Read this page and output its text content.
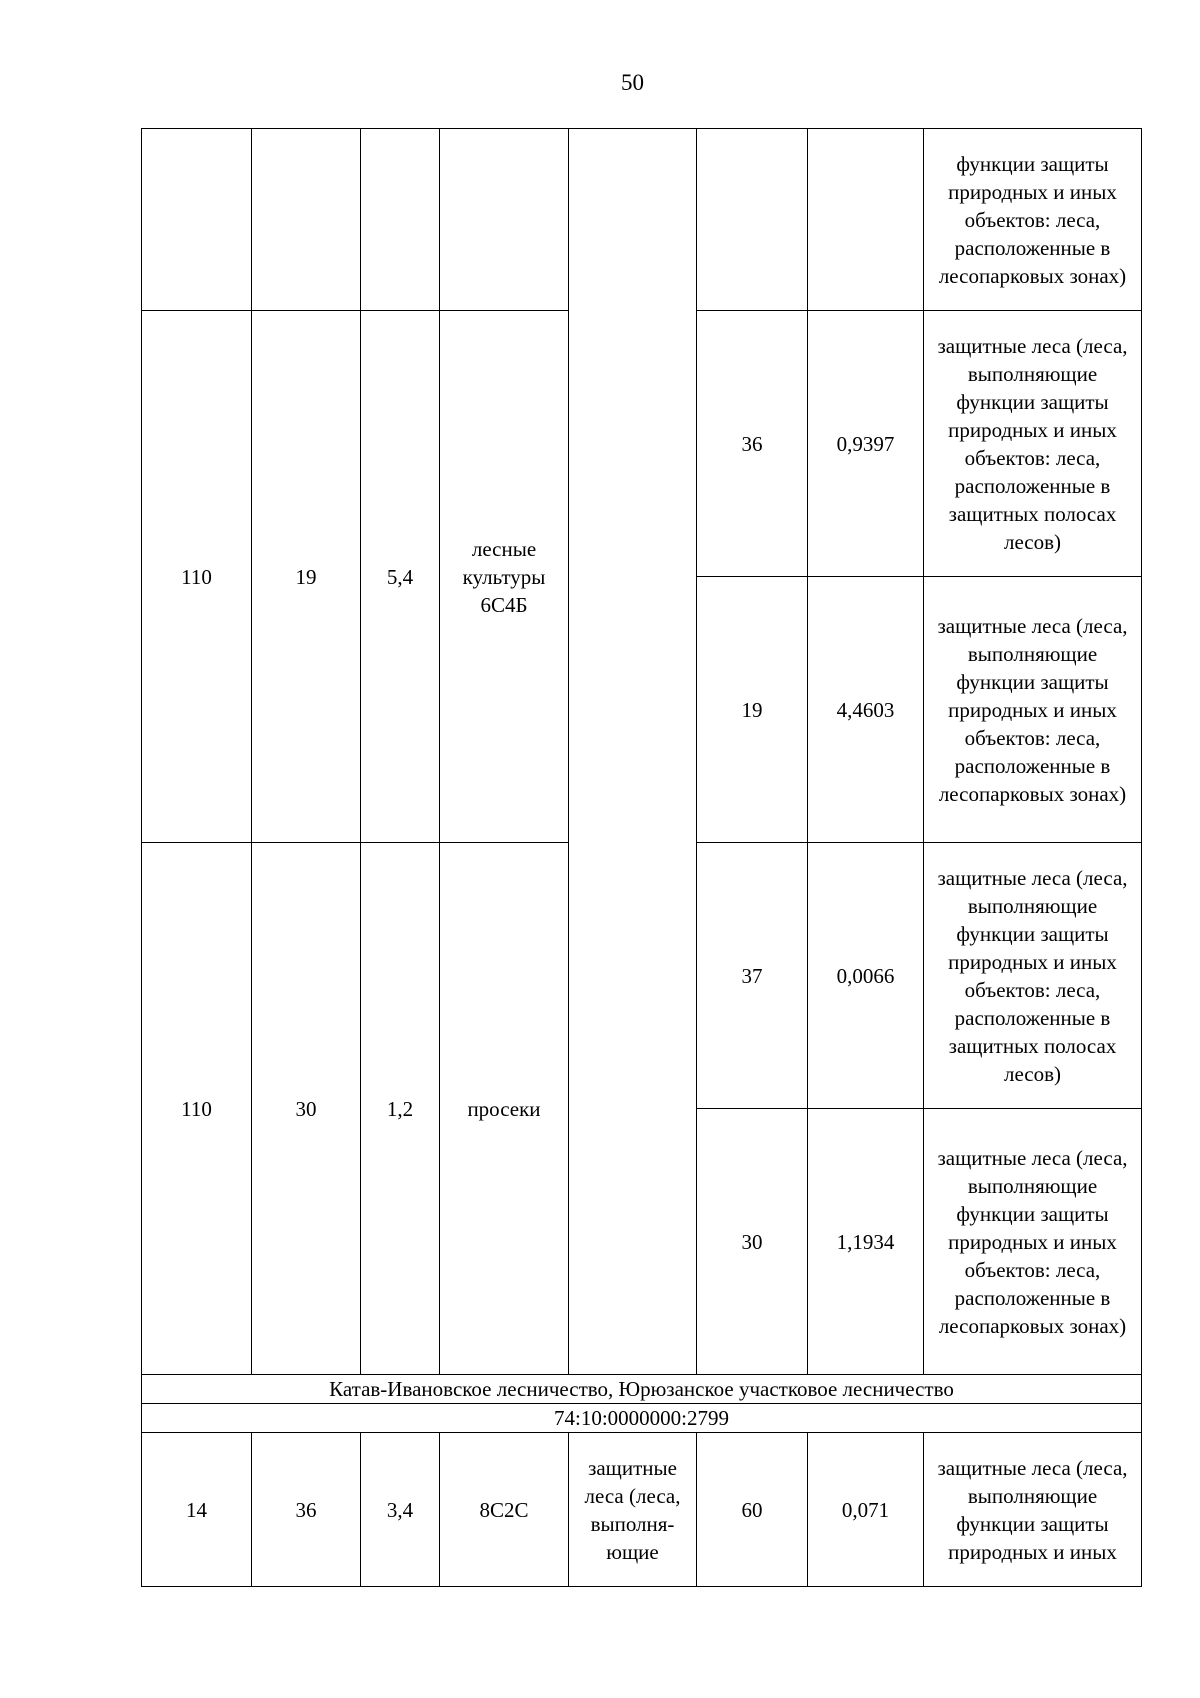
50
							функции защиты природных и иных объектов: леса, расположенные в лесопарковых зонах)
110	19	5,4	лесные культуры 6С4Б		36	0,9397	защитные леса (леса, выполняющие функции защиты природных и иных объектов: леса, расположенные в защитных полосах лесов)
					19	4,4603	защитные леса (леса, выполняющие функции защиты природных и иных объектов: леса, расположенные в лесопарковых зонах)
110	30	1,2	просеки		37	0,0066	защитные леса (леса, выполняющие функции защиты природных и иных объектов: леса, расположенные в защитных полосах лесов)
					30	1,1934	защитные леса (леса, выполняющие функции защиты природных и иных объектов: леса, расположенные в лесопарковых зонах)
Катав-Ивановское лесничество, Юрюзанское участковое лесничество							
74:10:0000000:2799							
14	36	3,4	8С2С	защитные леса (леса, выполня- ющие	60	0,071	защитные леса (леса, выполняющие функции защиты природных и иных
